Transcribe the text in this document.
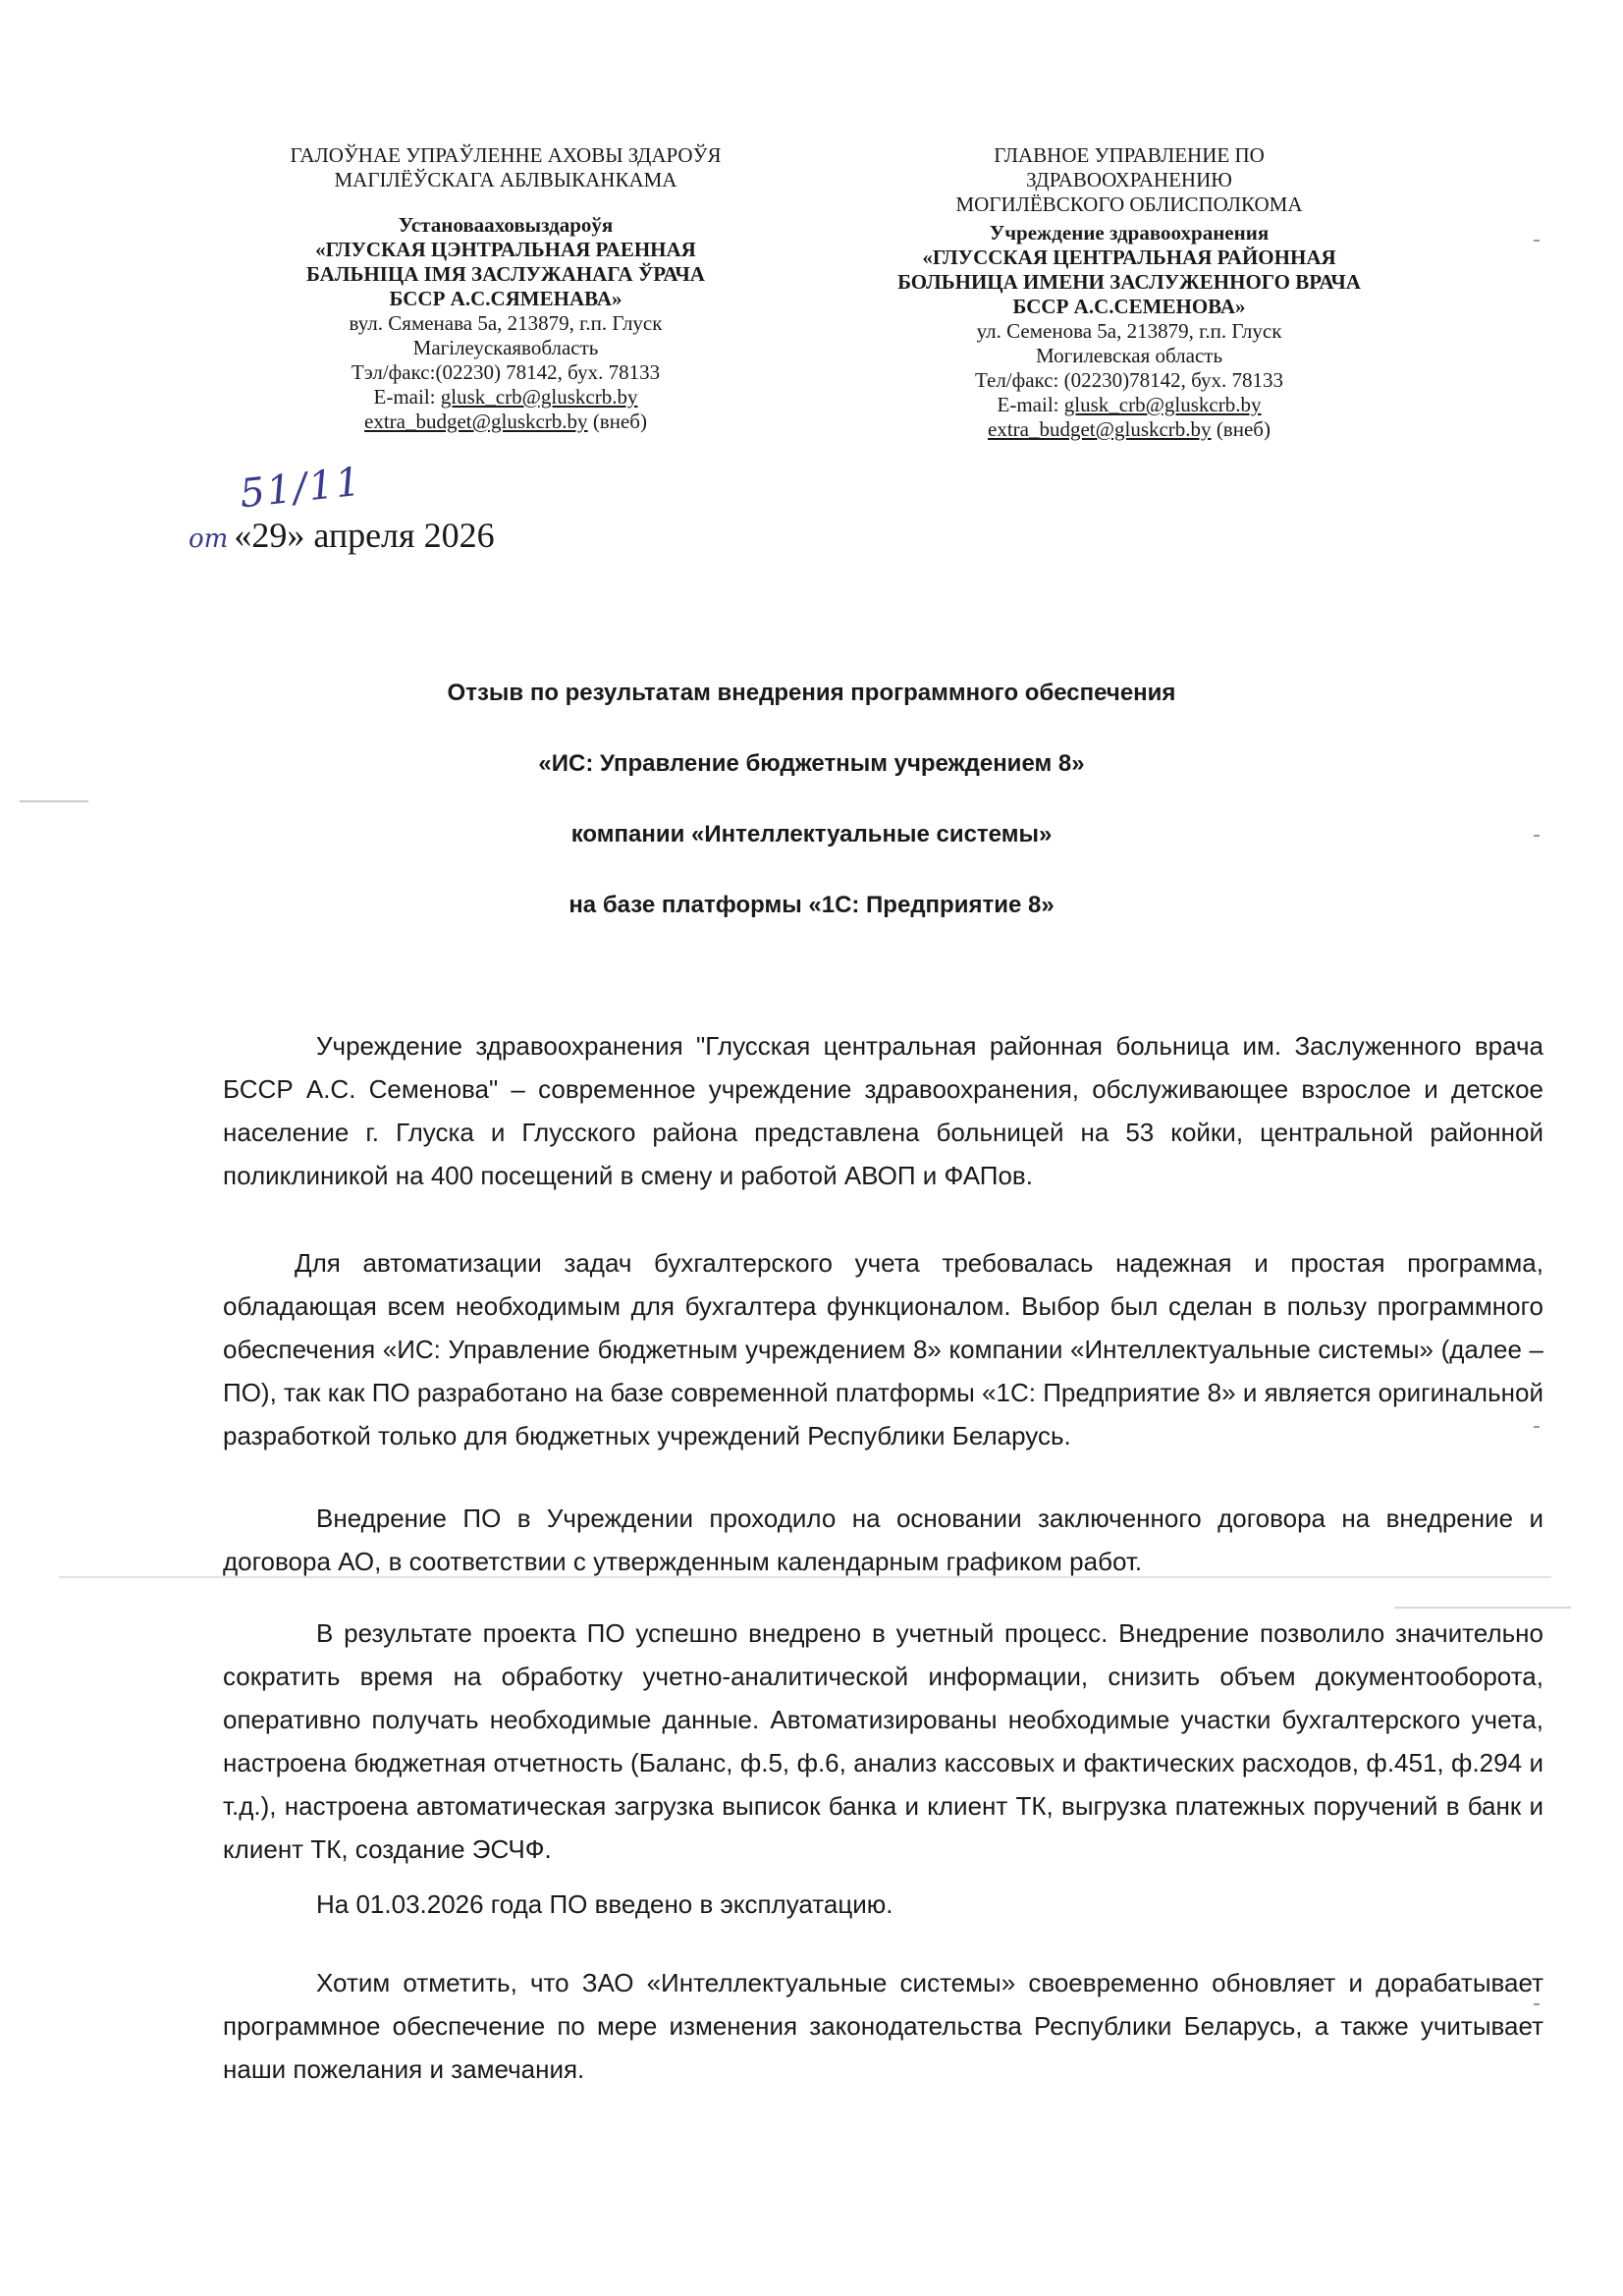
ГАЛОЎНАЕ УПРАЎЛЕННЕ АХОВЫ ЗДАРОЎЯ
МАГІЛЁЎСКАГА АБЛВЫКАНКАМА
Установааховыздароўя
«ГЛУСКАЯ ЦЭНТРАЛЬНАЯ РАЕННАЯ
БАЛЬНІЦА ІМЯ ЗАСЛУЖАНАГА ЎРАЧА
БССР А.С.СЯМЕНАВА»
вул. Сяменава 5а, 213879, г.п. Глуск
Магілеускаявобласть
Тэл/факс:(02230) 78142, бух. 78133
E-mail: glusk_crb@gluskcrb.by
extra_budget@gluskcrb.by (внеб)
ГЛАВНОЕ УПРАВЛЕНИЕ ПО
ЗДРАВООХРАНЕНИЮ
МОГИЛЁВСКОГО ОБЛИСПОЛКОМА
Учреждение здравоохранения
«ГЛУССКАЯ ЦЕНТРАЛЬНАЯ РАЙОННАЯ
БОЛЬНИЦА ИМЕНИ ЗАСЛУЖЕННОГО ВРАЧА
БССР А.С.СЕМЕНОВА»
ул. Семенова 5а, 213879, г.п. Глуск
Могилевская область
Тел/факс: (02230)78142, бух. 78133
E-mail: glusk_crb@gluskcrb.by
extra_budget@gluskcrb.by (внеб)
51/11
от «29» апреля 2026
Отзыв по результатам внедрения программного обеспечения
«ИС: Управление бюджетным учреждением 8»
компании «Интеллектуальные системы»
на базе платформы «1С: Предприятие 8»

Учреждение здравоохранения "Глусская центральная районная больница им. Заслуженного врача БССР А.С. Семенова" – современное учреждение здравоохранения, обслуживающее взрослое и детское население г. Глуска и Глусского района представлена больницей на 53 койки, центральной районной поликлиникой на 400 посещений в смену и работой АВОП и ФАПов.

Для автоматизации задач бухгалтерского учета требовалась надежная и простая программа, обладающая всем необходимым для бухгалтера функционалом. Выбор был сделан в пользу программного обеспечения «ИС: Управление бюджетным учреждением 8» компании «Интеллектуальные системы» (далее – ПО), так как ПО разработано на базе современной платформы «1С: Предприятие 8» и является оригинальной разработкой только для бюджетных учреждений Республики Беларусь.

Внедрение ПО в Учреждении проходило на основании заключенного договора на внедрение и договора АО, в соответствии с утвержденным календарным графиком работ.

В результате проекта ПО успешно внедрено в учетный процесс. Внедрение позволило значительно сократить время на обработку учетно-аналитической информации, снизить объем документооборота, оперативно получать необходимые данные. Автоматизированы необходимые участки бухгалтерского учета, настроена бюджетная отчетность (Баланс, ф.5, ф.6, анализ кассовых и фактических расходов, ф.451, ф.294 и т.д.), настроена автоматическая загрузка выписок банка и клиент ТК, выгрузка платежных поручений в банк и клиент ТК, создание ЭСЧФ.

На 01.03.2026 года ПО введено в эксплуатацию.

Хотим отметить, что ЗАО «Интеллектуальные системы» своевременно обновляет и дорабатывает программное обеспечение по мере изменения законодательства Республики Беларусь, а также учитывает наши пожелания и замечания.
